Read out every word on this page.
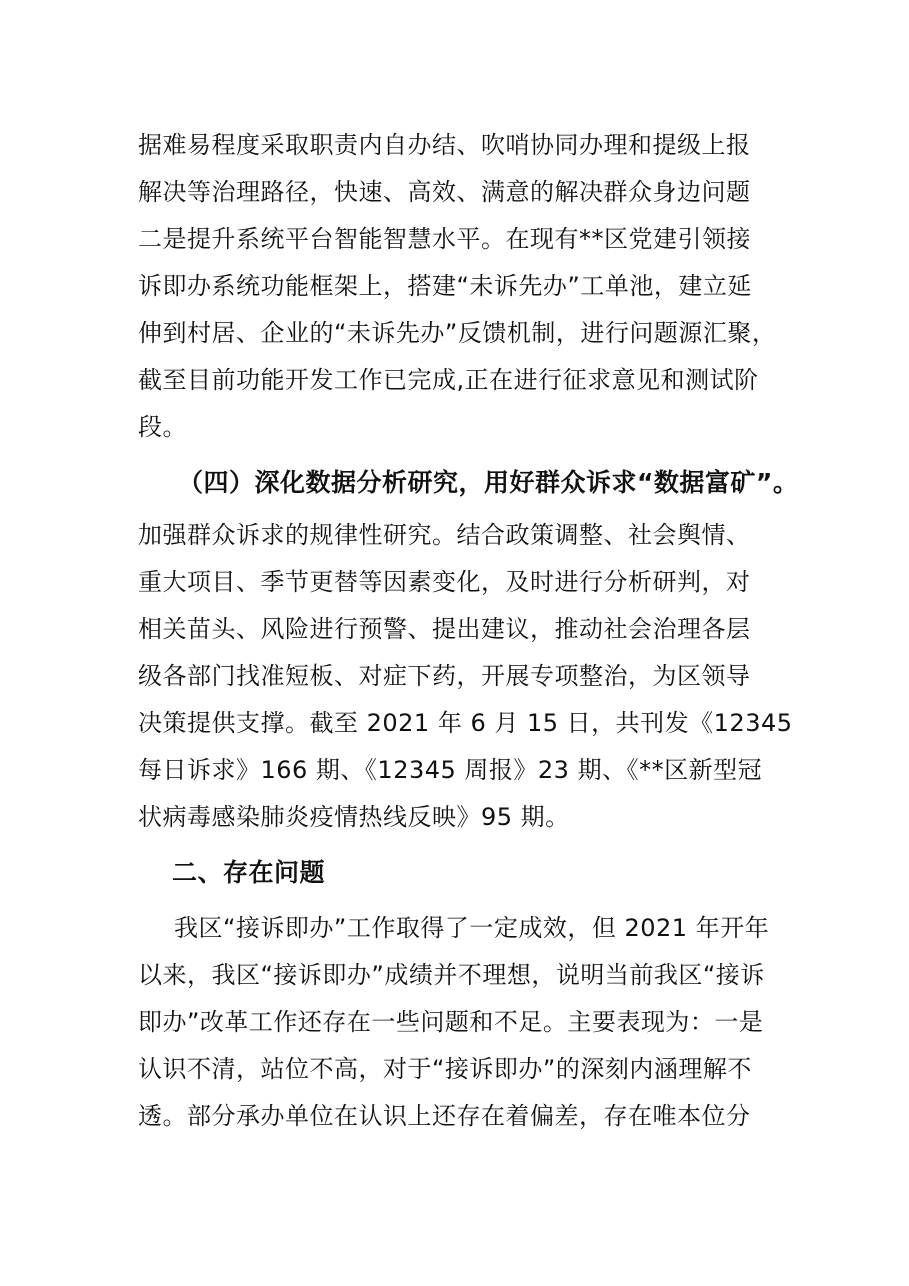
据难易程度采取职责内自办结、吹哨协同办理和提级上报
解决等治理路径，快速、高效、满意的解决群众身边问题
二是提升系统平台智能智慧水平。在现有**区党建引领接
诉即办系统功能框架上，搭建“未诉先办”工单池，建立延
伸到村居、企业的“未诉先办”反馈机制，进行问题源汇聚，
截至目前功能开发工作已完成,正在进行征求意见和测试阶
段。
（四）深化数据分析研究，用好群众诉求“数据富矿”。
加强群众诉求的规律性研究。结合政策调整、社会舆情、
重大项目、季节更替等因素变化，及时进行分析研判，对
相关苗头、风险进行预警、提出建议，推动社会治理各层
级各部门找准短板、对症下药，开展专项整治，为区领导
决策提供支撑。截至 2021 年 6 月 15 日，共刊发《12345
每日诉求》166 期、《12345 周报》23 期、《**区新型冠
状病毒感染肺炎疫情热线反映》95 期。
二、存在问题
我区“接诉即办”工作取得了一定成效，但 2021 年开年
以来，我区“接诉即办”成绩并不理想，说明当前我区“接诉
即办”改革工作还存在一些问题和不足。主要表现为：一是
认识不清，站位不高，对于“接诉即办”的深刻内涵理解不
透。部分承办单位在认识上还存在着偏差，存在唯本位分
